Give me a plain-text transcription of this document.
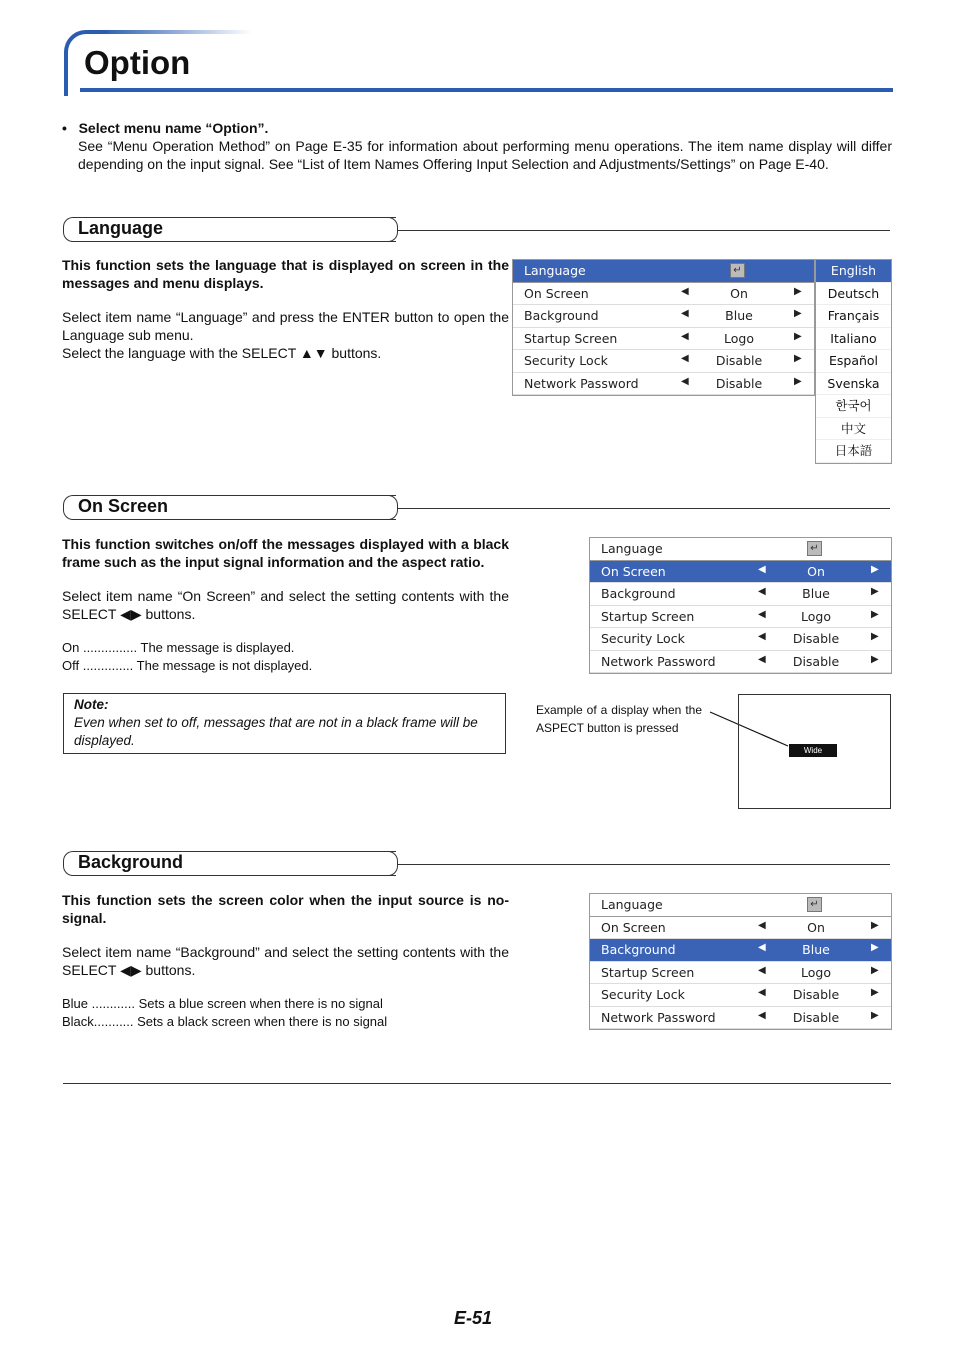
Option
• Select menu name “Option”.
See “Menu Operation Method” on Page E-35 for information about performing menu operations. The item name display will differ depending on the input signal. See “List of Item Names Offering Input Selection and Adjustments/Settings” on Page E-40.
Language

This function sets the language that is displayed on screen in the messages and menu displays.

Select item name “Language” and press the ENTER button to open the Language sub menu.

Select the language with the SELECT ▲▼ buttons.

Language	↵
On Screen	◀	On	▶
Background	◀	Blue	▶
Startup Screen	◀	Logo	▶
Security Lock	◀	Disable	▶
Network Password	◀	Disable	▶
English
Deutsch
Français
Italiano
Español
Svenska
한국어
中文
日本語
On Screen

This function switches on/off the messages displayed with a black frame such as the input signal information and the aspect ratio.

Select item name “On Screen” and select the setting contents with the SELECT ◀▶ buttons.

On ............... The message is displayed.
Off .............. The message is not displayed.
Language	↵
On Screen	◀	On	▶
Background	◀	Blue	▶
Startup Screen	◀	Logo	▶
Security Lock	◀	Disable	▶
Network Password	◀	Disable	▶
Note:
Even when set to off, messages that are not in a black frame will be displayed.
Example of a display when the ASPECT button is pressed
Wide
Background

This function sets the screen color when the input source is no-signal.

Select item name “Background” and select the setting contents with the SELECT ◀▶ buttons.

Blue ............ Sets a blue screen when there is no signal
Black........... Sets a black screen when there is no signal
Language	↵
On Screen	◀	On	▶
Background	◀	Blue	▶
Startup Screen	◀	Logo	▶
Security Lock	◀	Disable	▶
Network Password	◀	Disable	▶
E-51
